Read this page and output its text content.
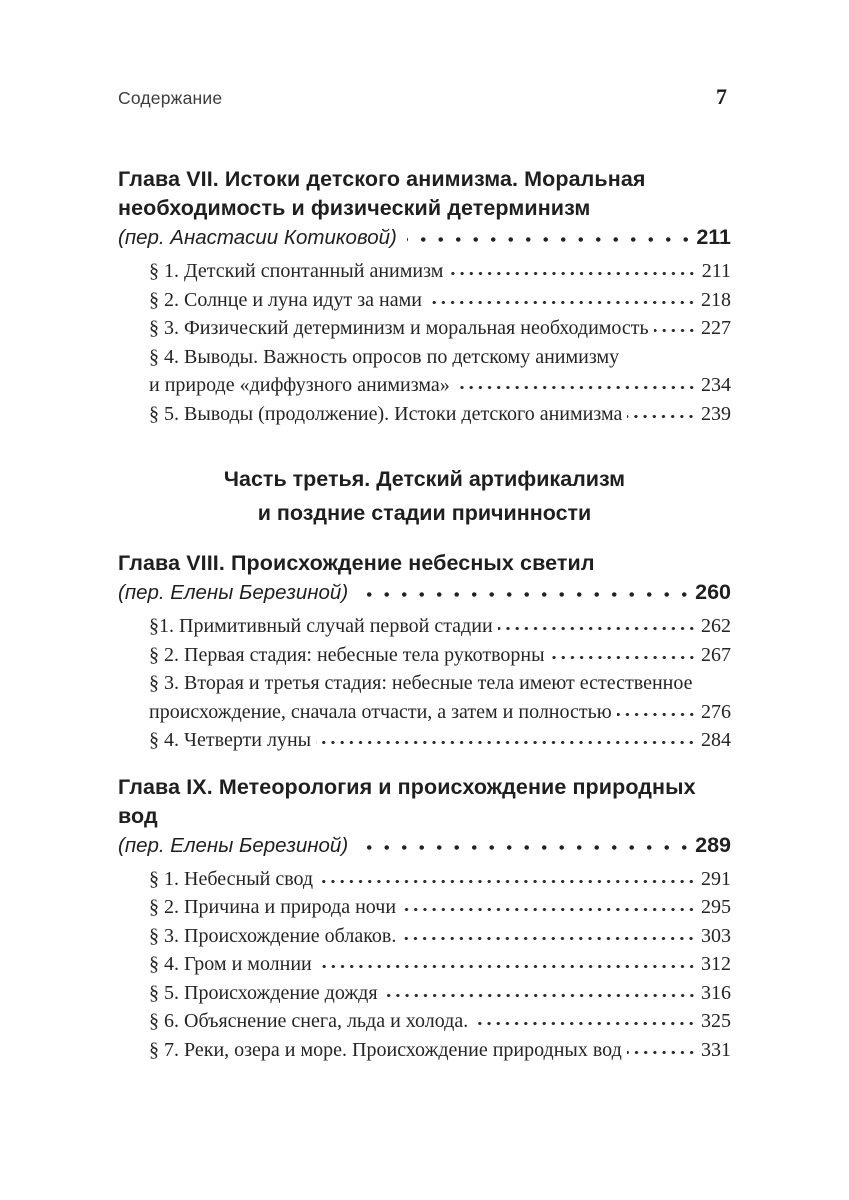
Содержание	7
Глава VII. Истоки детского анимизма. Моральная
необходимость и физический детерминизм
(пер. Анастасии Котиковой)	211
§ 1. Детский спонтанный анимизм	211
§ 2. Солнце и луна идут за нами	218
§ 3. Физический детерминизм и моральная необходимость	227
§ 4. Выводы. Важность опросов по детскому анимизму
и природе «диффузного анимизма»	234
§ 5. Выводы (продолжение). Истоки детского анимизма	239
Часть третья. Детский артификализм
и поздние стадии причинности
Глава VIII. Происхождение небесных светил
(пер. Елены Березиной)	260
§1. Примитивный случай первой стадии	262
§ 2. Первая стадия: небесные тела рукотворны	267
§ 3. Вторая и третья стадия: небесные тела имеют естественное
происхождение, сначала отчасти, а затем и полностью	276
§ 4. Четверти луны	284
Глава IX. Метеорология и происхождение природных вод
(пер. Елены Березиной)	289
§ 1. Небесный свод	291
§ 2. Причина и природа ночи	295
§ 3. Происхождение облаков.	303
§ 4. Гром и молнии	312
§ 5. Происхождение дождя	316
§ 6. Объяснение снега, льда и холода.	325
§ 7. Реки, озера и море. Происхождение природных вод	331
